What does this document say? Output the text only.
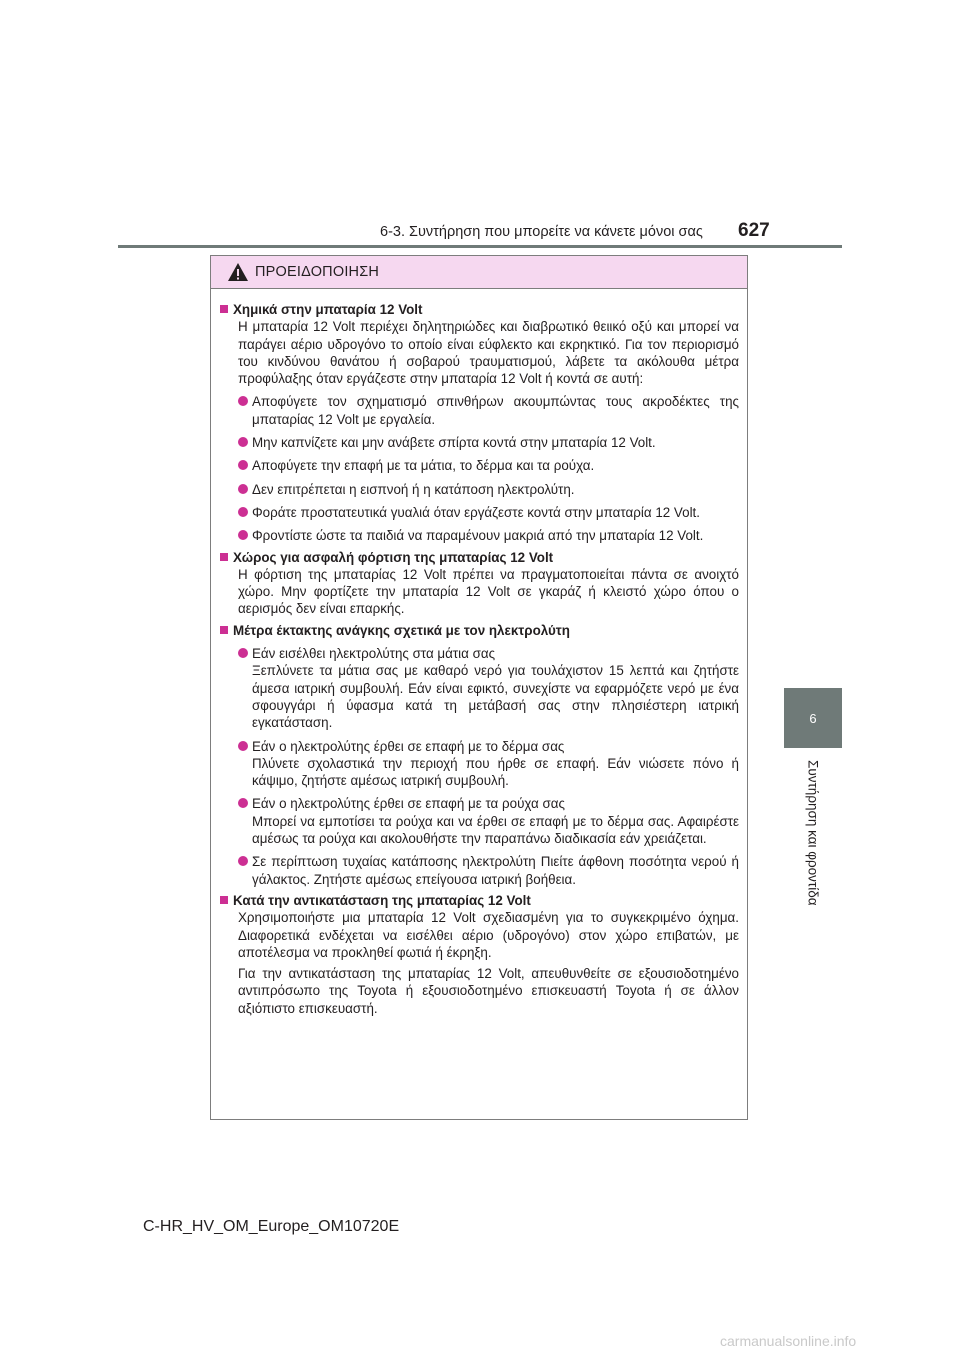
6-3. Συντήρηση που μπορείτε να κάνετε μόνοι σας 627
6
Συντήρηση και φροντίδα
ΠΡΟΕΙΔΟΠΟΙΗΣΗ
Χημικά στην μπαταρία 12 Volt

Η μπαταρία 12 Volt περιέχει δηλητηριώδες και διαβρωτικό θειικό οξύ και μπορεί να παράγει αέριο υδρογόνο το οποίο είναι εύφλεκτο και εκρηκτικό. Για τον περιορισμό του κινδύνου θανάτου ή σοβαρού τραυματισμού, λάβετε τα ακόλουθα μέτρα προφύλαξης όταν εργάζεστε στην μπαταρία 12 Volt ή κοντά σε αυτή:

Αποφύγετε τον σχηματισμό σπινθήρων ακουμπώντας τους ακροδέκτες της μπαταρίας 12 Volt με εργαλεία.
Μην καπνίζετε και μην ανάβετε σπίρτα κοντά στην μπαταρία 12 Volt.
Αποφύγετε την επαφή με τα μάτια, το δέρμα και τα ρούχα.
Δεν επιτρέπεται η εισπνοή ή η κατάποση ηλεκτρολύτη.
Φοράτε προστατευτικά γυαλιά όταν εργάζεστε κοντά στην μπαταρία 12 Volt.
Φροντίστε ώστε τα παιδιά να παραμένουν μακριά από την μπαταρία 12 Volt.
Χώρος για ασφαλή φόρτιση της μπαταρίας 12 Volt

Η φόρτιση της μπαταρίας 12 Volt πρέπει να πραγματοποιείται πάντα σε ανοιχτό χώρο. Μην φορτίζετε την μπαταρία 12 Volt σε γκαράζ ή κλειστό χώρο όπου ο αερισμός δεν είναι επαρκής.

Μέτρα έκτακτης ανάγκης σχετικά με τον ηλεκτρολύτη
Εάν εισέλθει ηλεκτρολύτης στα μάτια σας
Ξεπλύνετε τα μάτια σας με καθαρό νερό για τουλάχιστον 15 λεπτά και ζητήστε άμεσα ιατρική συμβουλή. Εάν είναι εφικτό, συνεχίστε να εφαρμόζετε νερό με ένα σφουγγάρι ή ύφασμα κατά τη μετάβασή σας στην πλησιέστερη ιατρική εγκατάσταση.
Εάν ο ηλεκτρολύτης έρθει σε επαφή με το δέρμα σας
Πλύνετε σχολαστικά την περιοχή που ήρθε σε επαφή. Εάν νιώσετε πόνο ή κάψιμο, ζητήστε αμέσως ιατρική συμβουλή.
Εάν ο ηλεκτρολύτης έρθει σε επαφή με τα ρούχα σας
Μπορεί να εμποτίσει τα ρούχα και να έρθει σε επαφή με το δέρμα σας. Αφαιρέστε αμέσως τα ρούχα και ακολουθήστε την παραπάνω διαδικασία εάν χρειάζεται.
Σε περίπτωση τυχαίας κατάποσης ηλεκτρολύτη Πιείτε άφθονη ποσότητα νερού ή γάλακτος. Ζητήστε αμέσως επείγουσα ιατρική βοήθεια.
Κατά την αντικατάσταση της μπαταρίας 12 Volt

Χρησιμοποιήστε μια μπαταρία 12 Volt σχεδιασμένη για το συγκεκριμένο όχημα. Διαφορετικά ενδέχεται να εισέλθει αέριο (υδρογόνο) στον χώρο επιβατών, με αποτέλεσμα να προκληθεί φωτιά ή έκρηξη.

Για την αντικατάσταση της μπαταρίας 12 Volt, απευθυνθείτε σε εξουσιοδοτημένο αντιπρόσωπο της Toyota ή εξουσιοδοτημένο επισκευαστή Toyota ή σε άλλον αξιόπιστο επισκευαστή.

C-HR_HV_OM_Europe_OM10720E
carmanualsonline.info
